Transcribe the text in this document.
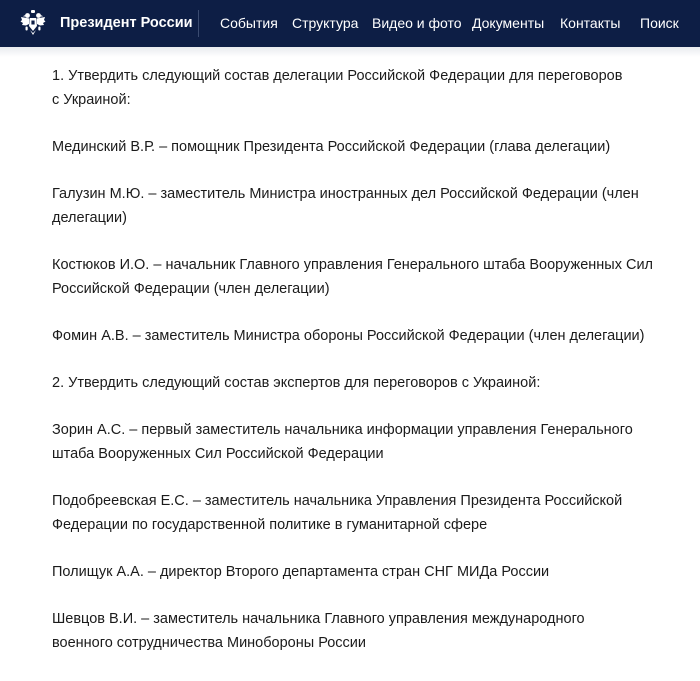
Президент России События Структура Видео и фото Документы Контакты Поиск

1. Утвердить следующий состав делегации Российской Федерации для переговоров
с Украиной:

Мединский В.Р. – помощник Президента Российской Федерации (глава делегации)

Галузин М.Ю. – заместитель Министра иностранных дел Российской Федерации (член
делегации)

Костюков И.О. – начальник Главного управления Генерального штаба Вооруженных Сил
Российской Федерации (член делегации)

Фомин А.В. – заместитель Министра обороны Российской Федерации (член делегации)

2. Утвердить следующий состав экспертов для переговоров с Украиной:

Зорин А.С. – первый заместитель начальника информации управления Генерального
штаба Вооруженных Сил Российской Федерации

Подобреевская Е.С. – заместитель начальника Управления Президента Российской
Федерации по государственной политике в гуманитарной сфере

Полищук А.А. – директор Второго департамента стран СНГ МИДа России

Шевцов В.И. – заместитель начальника Главного управления международного
военного сотрудничества Минобороны России
